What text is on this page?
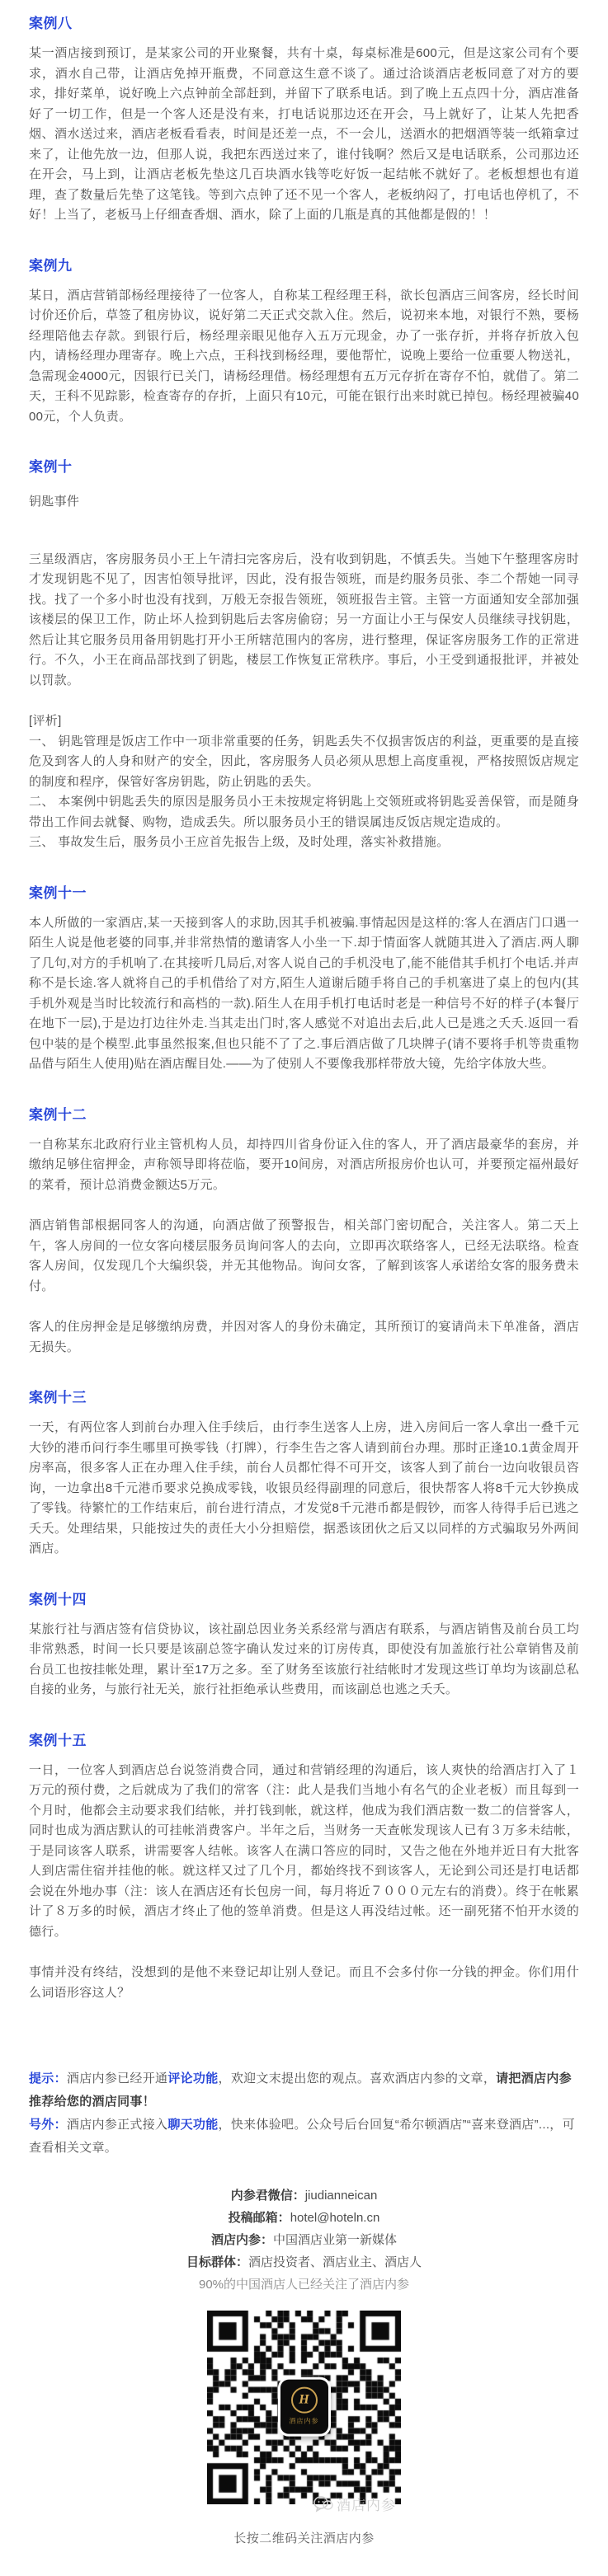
案例八

某一酒店接到预订，是某家公司的开业聚餐，共有十桌，每桌标准是600元，但是这家公司有个要求，酒水自己带，让酒店免掉开瓶费，不同意这生意不谈了。通过洽谈酒店老板同意了对方的要求，排好菜单，说好晚上六点钟前全部赶到，并留下了联系电话。到了晚上五点四十分，酒店准备好了一切工作，但是一个客人还是没有来，打电话说那边还在开会，马上就好了，让某人先把香烟、酒水送过来，酒店老板看看表，时间是还差一点，不一会儿，送酒水的把烟酒等装一纸箱拿过来了，让他先放一边，但那人说，我把东西送过来了，谁付钱啊？然后又是电话联系，公司那边还在开会，马上到，让酒店老板先垫这几百块酒水钱等吃好饭一起结帐不就好了。老板想想也有道理，查了数量后先垫了这笔钱。等到六点钟了还不见一个客人，老板纳闷了，打电话也停机了，不好！上当了，老板马上仔细查香烟、酒水，除了上面的几瓶是真的其他都是假的！！

案例九

某日，酒店营销部杨经理接待了一位客人，自称某工程经理王科，欲长包酒店三间客房，经长时间讨价还价后，草签了租房协议，说好第二天正式交款入住。然后，说初来本地，对银行不熟，要杨经理陪他去存款。到银行后，杨经理亲眼见他存入五万元现金，办了一张存折，并将存折放入包内，请杨经理办理寄存。晚上六点，王科找到杨经理，要他帮忙，说晚上要给一位重要人物送礼，急需现金4000元，因银行已关门，请杨经理借。杨经理想有五万元存折在寄存不怕，就借了。第二天，王科不见踪影，检查寄存的存折，上面只有10元，可能在银行出来时就已掉包。杨经理被骗4000元，个人负责。

案例十

钥匙事件

三星级酒店，客房服务员小王上午清扫完客房后，没有收到钥匙，不慎丢失。当她下午整理客房时才发现钥匙不见了，因害怕领导批评，因此，没有报告领班，而是约服务员张、李二个帮她一同寻找。找了一个多小时也没有找到，万般无奈报告领班，领班报告主管。主管一方面通知安全部加强该楼层的保卫工作，防止坏人捡到钥匙后去客房偷窃；另一方面让小王与保安人员继续寻找钥匙，然后让其它服务员用备用钥匙打开小王所辖范围内的客房，进行整理，保证客房服务工作的正常进行。不久，小王在商品部找到了钥匙，楼层工作恢复正常秩序。事后，小王受到通报批评，并被处以罚款。

[评析]

一、 钥匙管理是饭店工作中一项非常重要的任务，钥匙丢失不仅损害饭店的利益，更重要的是直接危及到客人的人身和财产的安全，因此，客房服务人员必须从思想上高度重视，严格按照饭店规定的制度和程序，保管好客房钥匙，防止钥匙的丢失。

二、 本案例中钥匙丢失的原因是服务员小王未按规定将钥匙上交领班或将钥匙妥善保管，而是随身带出工作间去就餐、购物，造成丢失。所以服务员小王的错误属违反饭店规定造成的。

三、 事故发生后，服务员小王应首先报告上级，及时处理，落实补救措施。

案例十一

本人所做的一家酒店,某一天接到客人的求助,因其手机被骗.事情起因是这样的:客人在酒店门口遇一陌生人说是他老婆的同事,并非常热情的邀请客人小坐一下.却于情面客人就随其进入了酒店.两人聊了几句,对方的手机响了.在其接听几局后,对客人说自己的手机没电了,能不能借其手机打个电话.并声称不是长途.客人就将自己的手机借给了对方,陌生人道谢后随手将自己的手机塞进了桌上的包内(其手机外观是当时比较流行和高档的一款).陌生人在用手机打电话时老是一种信号不好的样子(本餐厅在地下一层),于是边打边往外走.当其走出门时,客人感觉不对追出去后,此人已是逃之夭夭.返回一看包中装的是个模型.此事虽然报案,但也只能不了了之.事后酒店做了几块牌子(请不要将手机等贵重物品借与陌生人使用)贴在酒店醒目处.——为了使别人不要像我那样带放大镜，先给字体放大些。

案例十二

一自称某东北政府行业主管机构人员，却持四川省身份证入住的客人，开了酒店最豪华的套房，并缴纳足够住宿押金，声称领导即将莅临，要开10间房，对酒店所报房价也认可，并要预定福州最好的菜肴，预计总消费金额达5万元。

酒店销售部根据同客人的沟通，向酒店做了预警报告，相关部门密切配合，关注客人。第二天上午，客人房间的一位女客向楼层服务员询问客人的去向，立即再次联络客人，已经无法联络。检查客人房间，仅发现几个大编织袋，并无其他物品。询问女客，了解到该客人承诺给女客的服务费未付。

客人的住房押金是足够缴纳房费，并因对客人的身份未确定，其所预订的宴请尚未下单准备，酒店无损失。

案例十三

一天，有两位客人到前台办理入住手续后，由行李生送客人上房，进入房间后一客人拿出一叠千元大钞的港币问行李生哪里可换零钱（打牌），行李生告之客人请到前台办理。那时正逢10.1黄金周开房率高，很多客人正在办理入住手续，前台人员都忙得不可开交，该客人到了前台一边向收银员咨询，一边拿出8千元港币要求兑换成零钱，收银员经得副理的同意后，很快帮客人将8千元大钞换成了零钱。待繁忙的工作结束后，前台进行清点，才发觉8千元港币都是假钞，而客人待得手后已逃之夭夭。处理结果，只能按过失的责任大小分担赔偿，据悉该团伙之后又以同样的方式骗取另外两间酒店。

案例十四

某旅行社与酒店签有信贷协议，该社副总因业务关系经常与酒店有联系，与酒店销售及前台员工均非常熟悉，时间一长只要是该副总签字确认发过来的订房传真，即使没有加盖旅行社公章销售及前台员工也按挂帐处理，累计至17万之多。至了财务至该旅行社结帐时才发现这些订单均为该副总私自接的业务，与旅行社无关，旅行社拒绝承认些费用，而该副总也逃之夭夭。

案例十五

一日，一位客人到酒店总台说签消费合同，通过和营销经理的沟通后，该人爽快的给酒店打入了１万元的预付费，之后就成为了我们的常客（注：此人是我们当地小有名气的企业老板）而且每到一个月时，他都会主动要求我们结帐，并打钱到帐，就这样，他成为我们酒店数一数二的信誉客人，同时也成为酒店默认的可挂帐消费客户。半年之后，当财务一天查帐发现该人已有３万多未结帐，于是同该客人联系，讲需要客人结帐。该客人在满口答应的同时，又告之他在外地并近日有大批客人到店需住宿并挂他的帐。就这样又过了几个月，都始终找不到该客人，无论到公司还是打电话都会说在外地办事（注：该人在酒店还有长包房一间，每月将近７０００元左右的消费）。终于在帐累计了８万多的时候，酒店才终止了他的签单消费。但是这人再没结过帐。还一副死猪不怕开水烫的德行。

事情并没有终结，没想到的是他不来登记却让别人登记。而且不会多付你一分钱的押金。你们用什么词语形容这人？

提示：酒店内参已经开通评论功能，欢迎文末提出您的观点。喜欢酒店内参的文章，请把酒店内参推荐给您的酒店同事！

号外：酒店内参正式接入聊天功能，快来体验吧。公众号后台回复“希尔顿酒店”“喜来登酒店”...，可查看相关文章。

内参君微信：jiudianneican
投稿邮箱：hotel@hoteln.cn
酒店内参：中国酒店业第一新媒体
目标群体：酒店投资者、酒店业主、酒店人
90%的中国酒店人已经关注了酒店内参
H
酒店内参
酒店内参

长按二维码关注酒店内参
